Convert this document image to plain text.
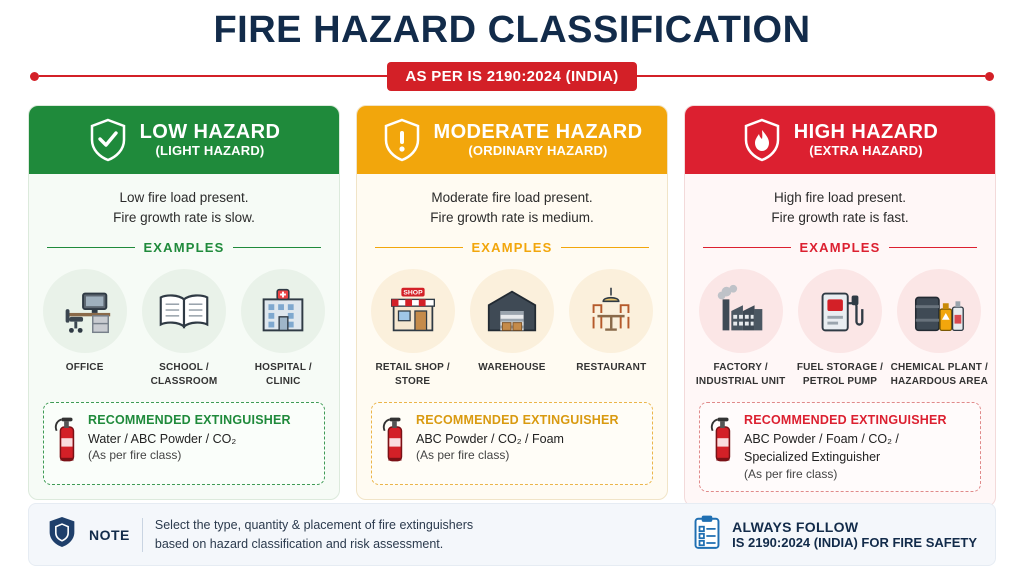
FIRE HAZARD CLASSIFICATION
AS PER IS 2190:2024 (INDIA)
LOW HAZARD
(LIGHT HAZARD)
Low fire load present.
Fire growth rate is slow.
EXAMPLES
OFFICE	SCHOOL /
CLASSROOM
HOSPITAL /
CLINIC
RECOMMENDED EXTINGUISHER
Water / ABC Powder / CO₂
(As per fire class)
MODERATE HAZARD
(ORDINARY HAZARD)
Moderate fire load present.
Fire growth rate is medium.
EXAMPLES
SHOP
RETAIL SHOP /
STORE
WAREHOUSE	RESTAURANT
RECOMMENDED EXTINGUISHER
ABC Powder / CO₂ / Foam
(As per fire class)
HIGH HAZARD
(EXTRA HAZARD)
High fire load present.
Fire growth rate is fast.
EXAMPLES
FACTORY /
INDUSTRIAL UNIT
FUEL STORAGE /
PETROL PUMP
CHEMICAL PLANT /
HAZARDOUS AREA
RECOMMENDED EXTINGUISHER
ABC Powder / Foam / CO₂ /
Specialized Extinguisher
(As per fire class)
NOTE
Select the type, quantity & placement of fire extinguishers
based on hazard classification and risk assessment.
ALWAYS FOLLOW
IS 2190:2024 (INDIA) FOR FIRE SAFETY
